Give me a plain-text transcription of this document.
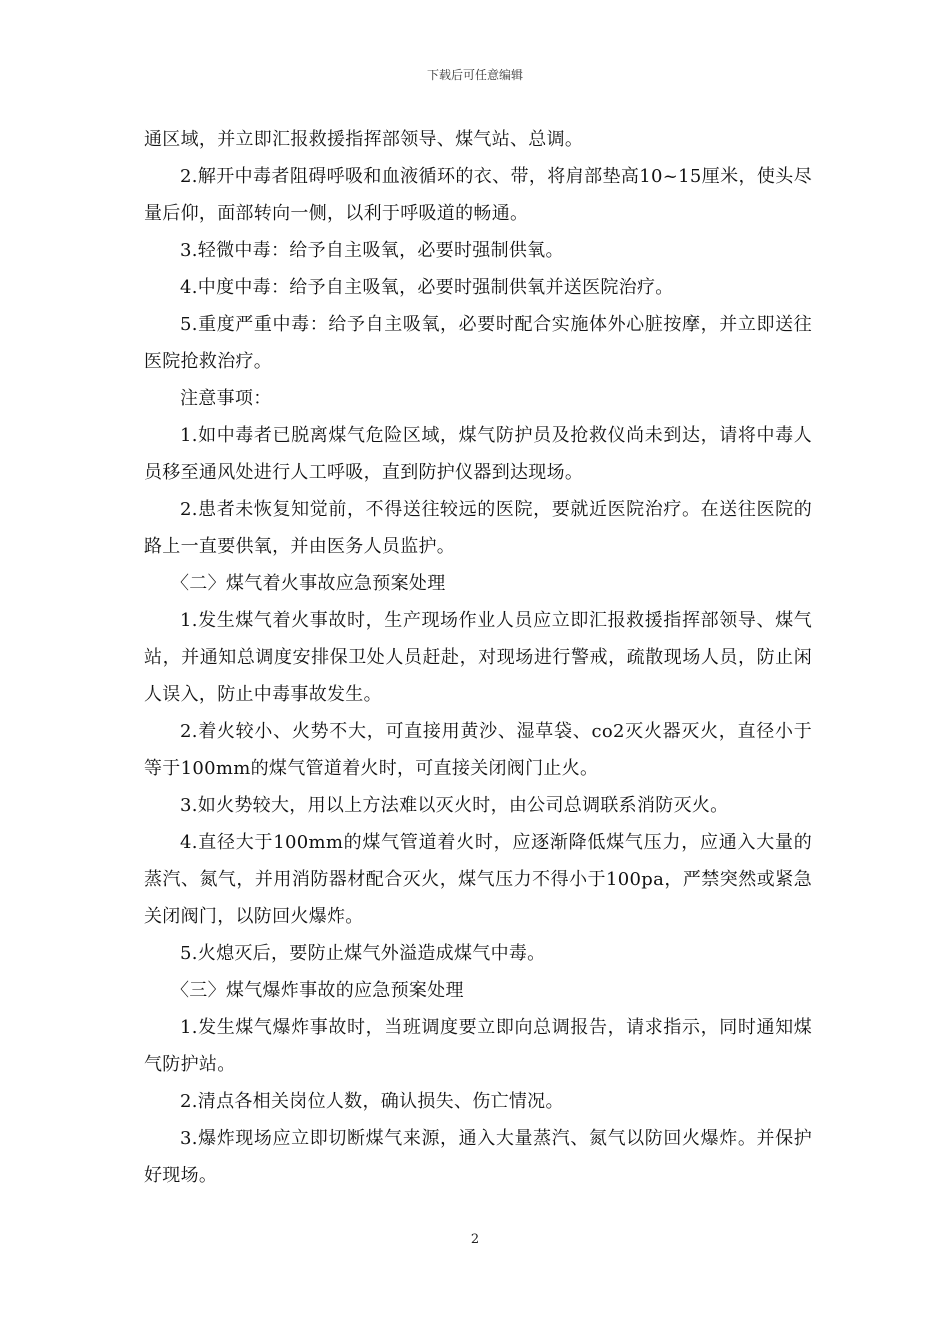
下载后可任意编辑

通区域，并立即汇报救援指挥部领导、煤气站、总调。

2.解开中毒者阻碍呼吸和血液循环的衣、带，将肩部垫高10~15厘米，使头尽量后仰，面部转向一侧，以利于呼吸道的畅通。

3.轻微中毒：给予自主吸氧，必要时强制供氧。

4.中度中毒：给予自主吸氧，必要时强制供氧并送医院治疗。

5.重度严重中毒：给予自主吸氧，必要时配合实施体外心脏按摩，并立即送往医院抢救治疗。

注意事项：

1.如中毒者已脱离煤气危险区域，煤气防护员及抢救仪尚未到达，请将中毒人员移至通风处进行人工呼吸，直到防护仪器到达现场。

2.患者未恢复知觉前，不得送往较远的医院，要就近医院治疗。在送往医院的路上一直要供氧，并由医务人员监护。

〈二〉煤气着火事故应急预案处理

1.发生煤气着火事故时，生产现场作业人员应立即汇报救援指挥部领导、煤气站，并通知总调度安排保卫处人员赶赴，对现场进行警戒，疏散现场人员，防止闲人误入，防止中毒事故发生。

2.着火较小、火势不大，可直接用黄沙、湿草袋、co2灭火器灭火，直径小于等于100mm的煤气管道着火时，可直接关闭阀门止火。

3.如火势较大，用以上方法难以灭火时，由公司总调联系消防灭火。

4.直径大于100mm的煤气管道着火时，应逐渐降低煤气压力，应通入大量的蒸汽、氮气，并用消防器材配合灭火，煤气压力不得小于100pa，严禁突然或紧急关闭阀门，以防回火爆炸。

5.火熄灭后，要防止煤气外溢造成煤气中毒。

〈三〉煤气爆炸事故的应急预案处理

1.发生煤气爆炸事故时，当班调度要立即向总调报告，请求指示，同时通知煤气防护站。

2.清点各相关岗位人数，确认损失、伤亡情况。

3.爆炸现场应立即切断煤气来源，通入大量蒸汽、氮气以防回火爆炸。并保护好现场。

2
